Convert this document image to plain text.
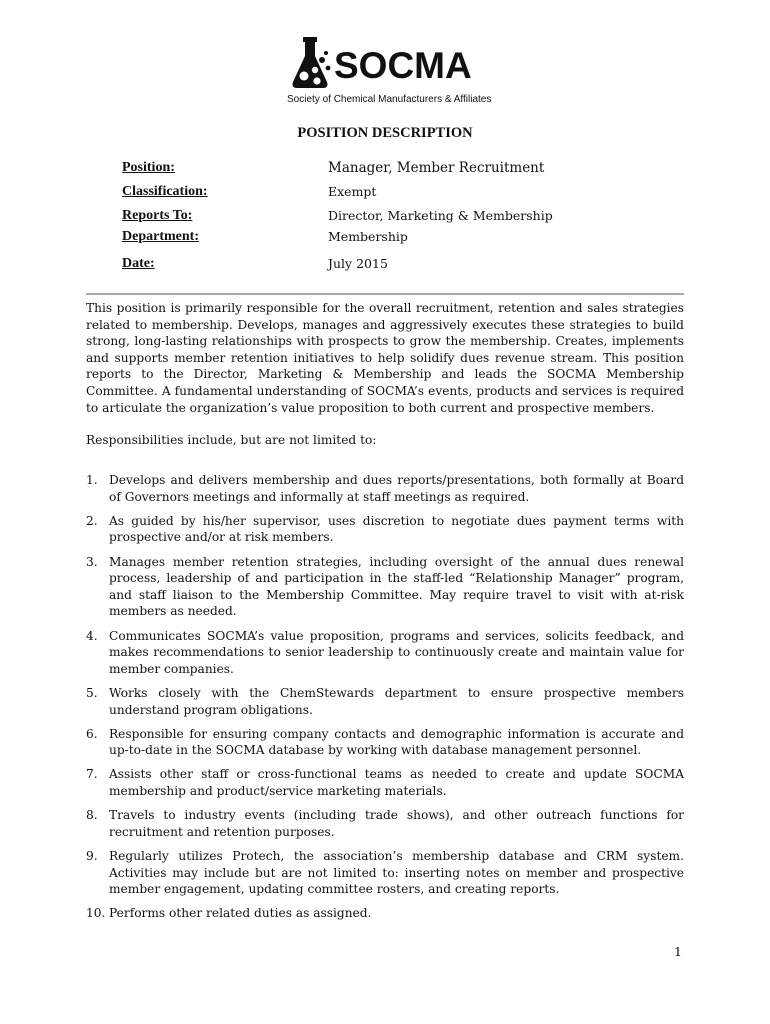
SOCMA
Society of Chemical Manufacturers & Affiliates
POSITION DESCRIPTION
Position:	Manager, Member Recruitment
Classification:	Exempt
Reports To:	Director, Marketing & Membership
Department:	Membership
Date:	July 2015
This position is primarily responsible for the overall recruitment, retention and sales strategies related to membership. Develops, manages and aggressively executes these strategies to build strong, long-lasting relationships with prospects to grow the membership. Creates, implements and supports member retention initiatives to help solidify dues revenue stream. This position reports to the Director, Marketing & Membership and leads the SOCMA Membership Committee. A fundamental understanding of SOCMA’s events, products and services is required to articulate the organization’s value proposition to both current and prospective members.
Responsibilities include, but are not limited to:
1. Develops and delivers membership and dues reports/presentations, both formally at Board of Governors meetings and informally at staff meetings as required.
2. As guided by his/her supervisor, uses discretion to negotiate dues payment terms with prospective and/or at risk members.
3. Manages member retention strategies, including oversight of the annual dues renewal process, leadership of and participation in the staff-led “Relationship Manager” program, and staff liaison to the Membership Committee. May require travel to visit with at-risk members as needed.
4. Communicates SOCMA’s value proposition, programs and services, solicits feedback, and makes recommendations to senior leadership to continuously create and maintain value for member companies.
5. Works closely with the ChemStewards department to ensure prospective members understand program obligations.
6. Responsible for ensuring company contacts and demographic information is accurate and up-to-date in the SOCMA database by working with database management personnel.
7. Assists other staff or cross-functional teams as needed to create and update SOCMA membership and product/service marketing materials.
8. Travels to industry events (including trade shows), and other outreach functions for recruitment and retention purposes.
9. Regularly utilizes Protech, the association’s membership database and CRM system. Activities may include but are not limited to: inserting notes on member and prospective member engagement, updating committee rosters, and creating reports.
10. Performs other related duties as assigned.
1
